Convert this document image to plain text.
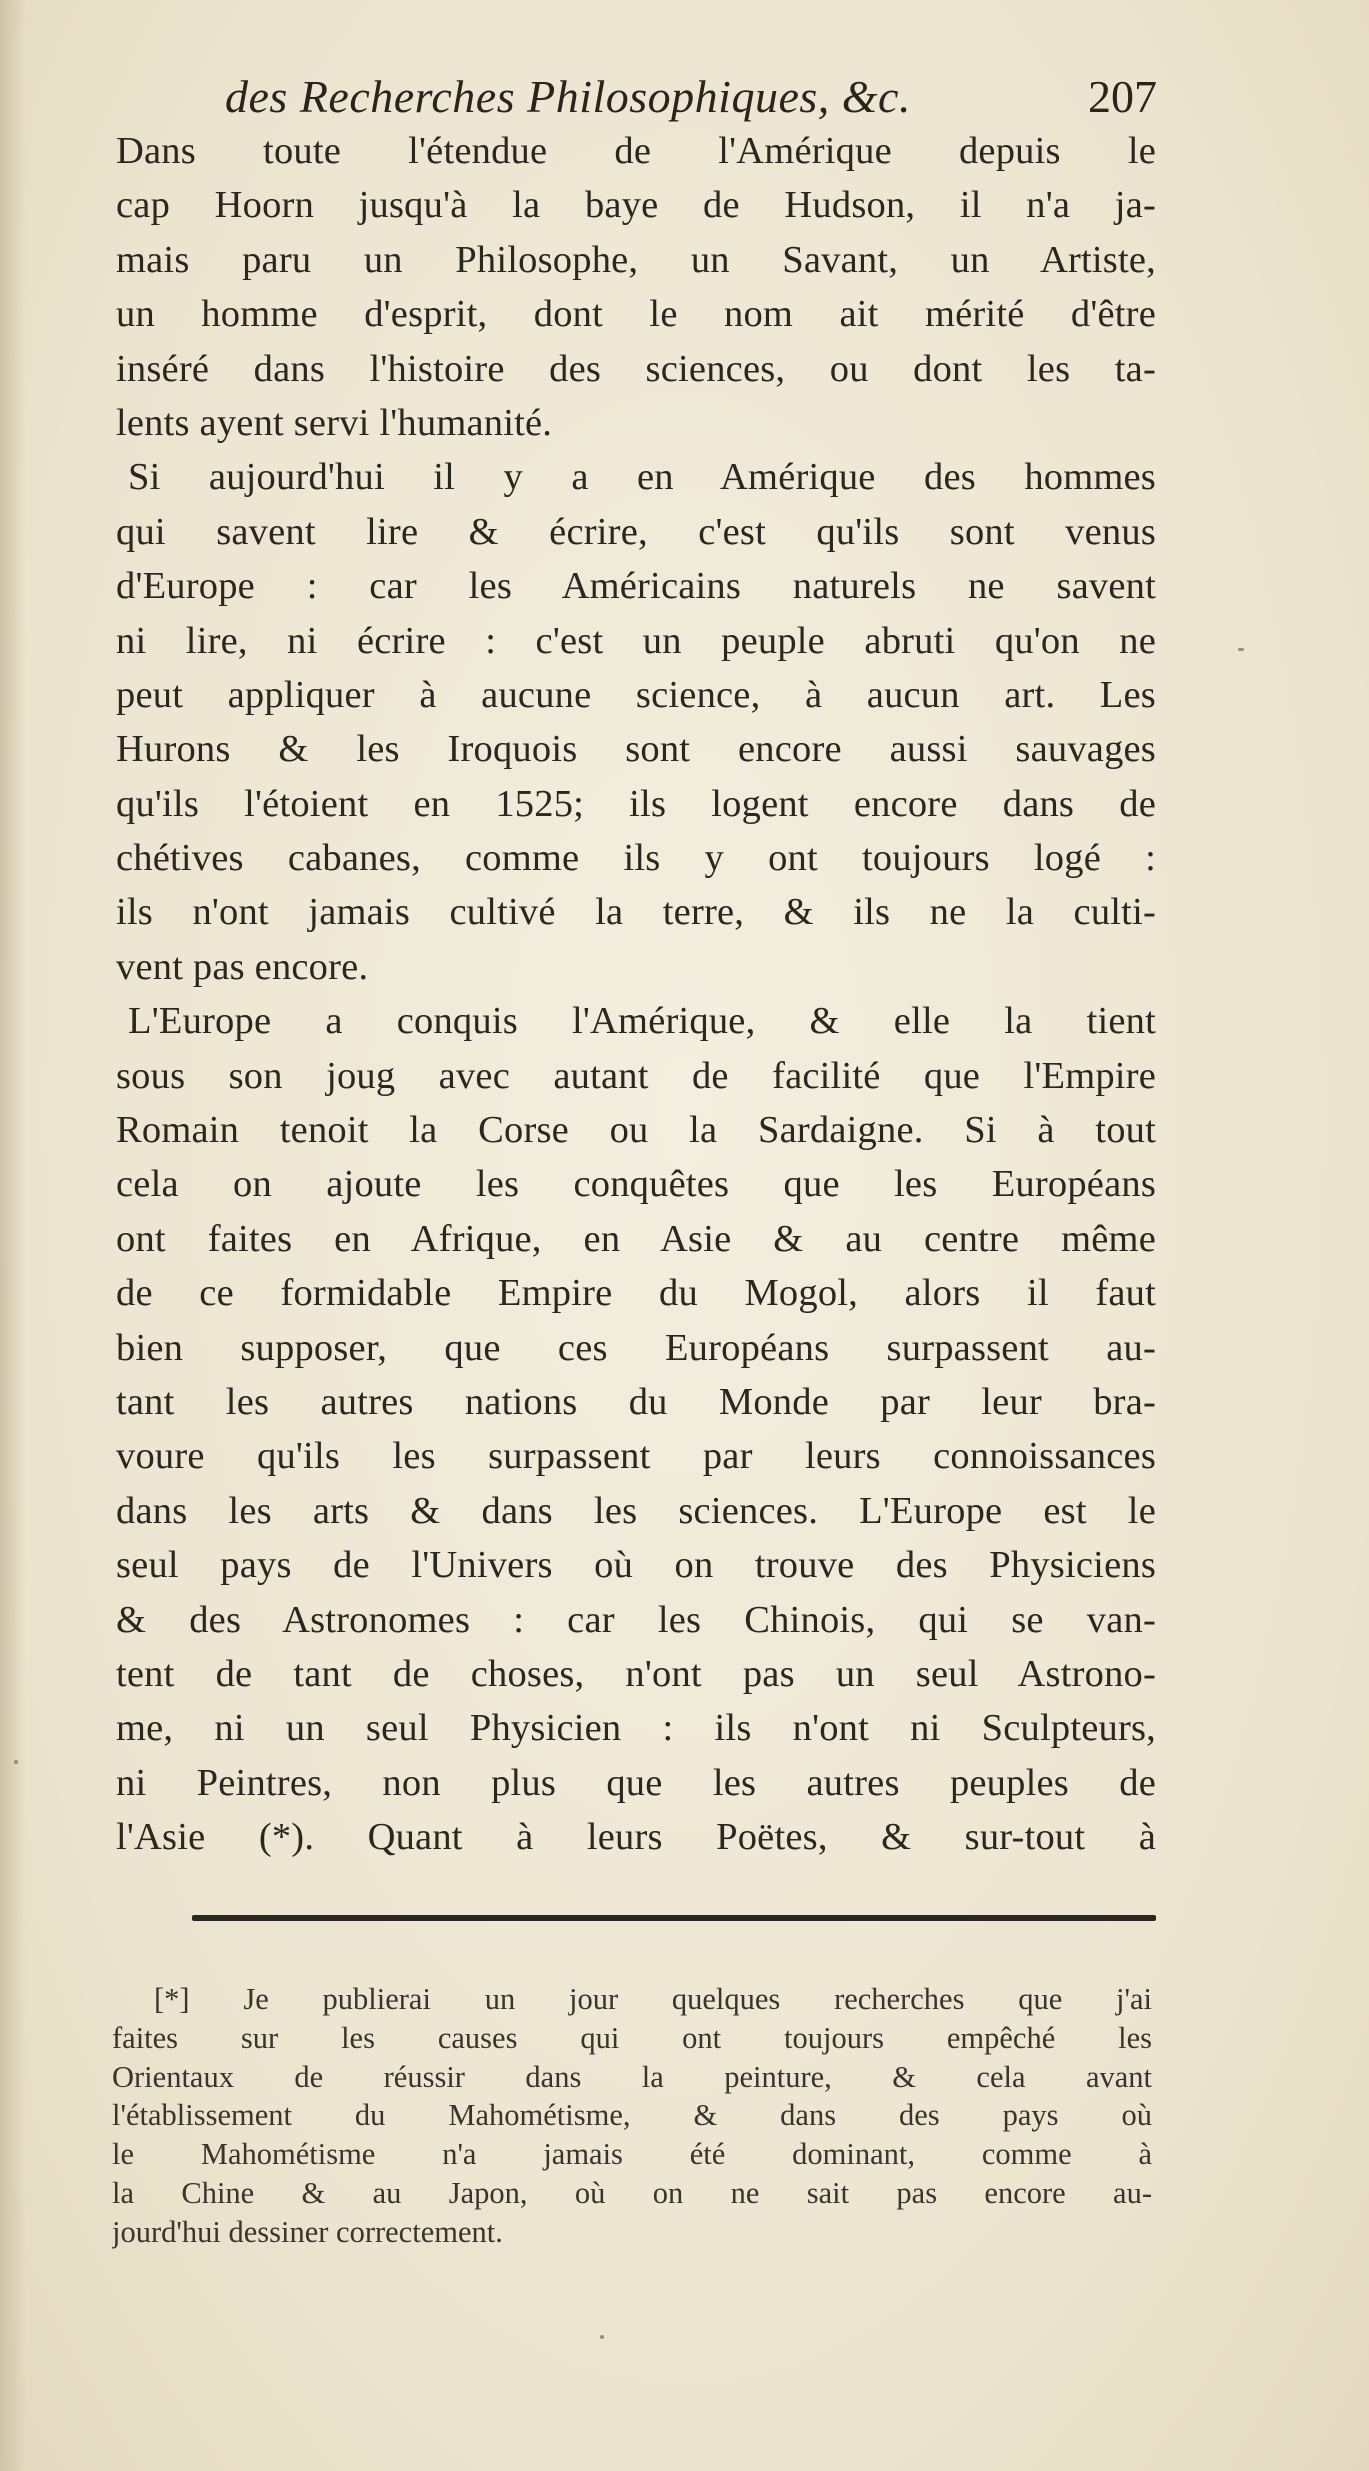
des Recherches Philosophiques, &c.	207
Dans toute l'étendue de l'Amérique depuis le
cap Hoorn jusqu'à la baye de Hudson, il n'a ja-
mais paru un Philosophe, un Savant, un Artiste,
un homme d'esprit, dont le nom ait mérité d'être
inséré dans l'histoire des sciences, ou dont les ta-
lents ayent servi l'humanité.
Si aujourd'hui il y a en Amérique des hommes
qui savent lire & écrire, c'est qu'ils sont venus
d'Europe : car les Américains naturels ne savent
ni lire, ni écrire : c'est un peuple abruti qu'on ne
peut appliquer à aucune science, à aucun art. Les
Hurons & les Iroquois sont encore aussi sauvages
qu'ils l'étoient en 1525; ils logent encore dans de
chétives cabanes, comme ils y ont toujours logé :
ils n'ont jamais cultivé la terre, & ils ne la culti-
vent pas encore.
L'Europe a conquis l'Amérique, & elle la tient
sous son joug avec autant de facilité que l'Empire
Romain tenoit la Corse ou la Sardaigne. Si à tout
cela on ajoute les conquêtes que les Européans
ont faites en Afrique, en Asie & au centre même
de ce formidable Empire du Mogol, alors il faut
bien supposer, que ces Européans surpassent au-
tant les autres nations du Monde par leur bra-
voure qu'ils les surpassent par leurs connoissances
dans les arts & dans les sciences. L'Europe est le
seul pays de l'Univers où on trouve des Physiciens
& des Astronomes : car les Chinois, qui se van-
tent de tant de choses, n'ont pas un seul Astrono-
me, ni un seul Physicien : ils n'ont ni Sculpteurs,
ni Peintres, non plus que les autres peuples de
l'Asie (*). Quant à leurs Poëtes, & sur-tout à
[*] Je publierai un jour quelques recherches que j'ai
faites sur les causes qui ont toujours empêché les
Orientaux de réussir dans la peinture, & cela avant
l'établissement du Mahométisme, & dans des pays où
le Mahométisme n'a jamais été dominant, comme à
la Chine & au Japon, où on ne sait pas encore au-
jourd'hui dessiner correctement.
